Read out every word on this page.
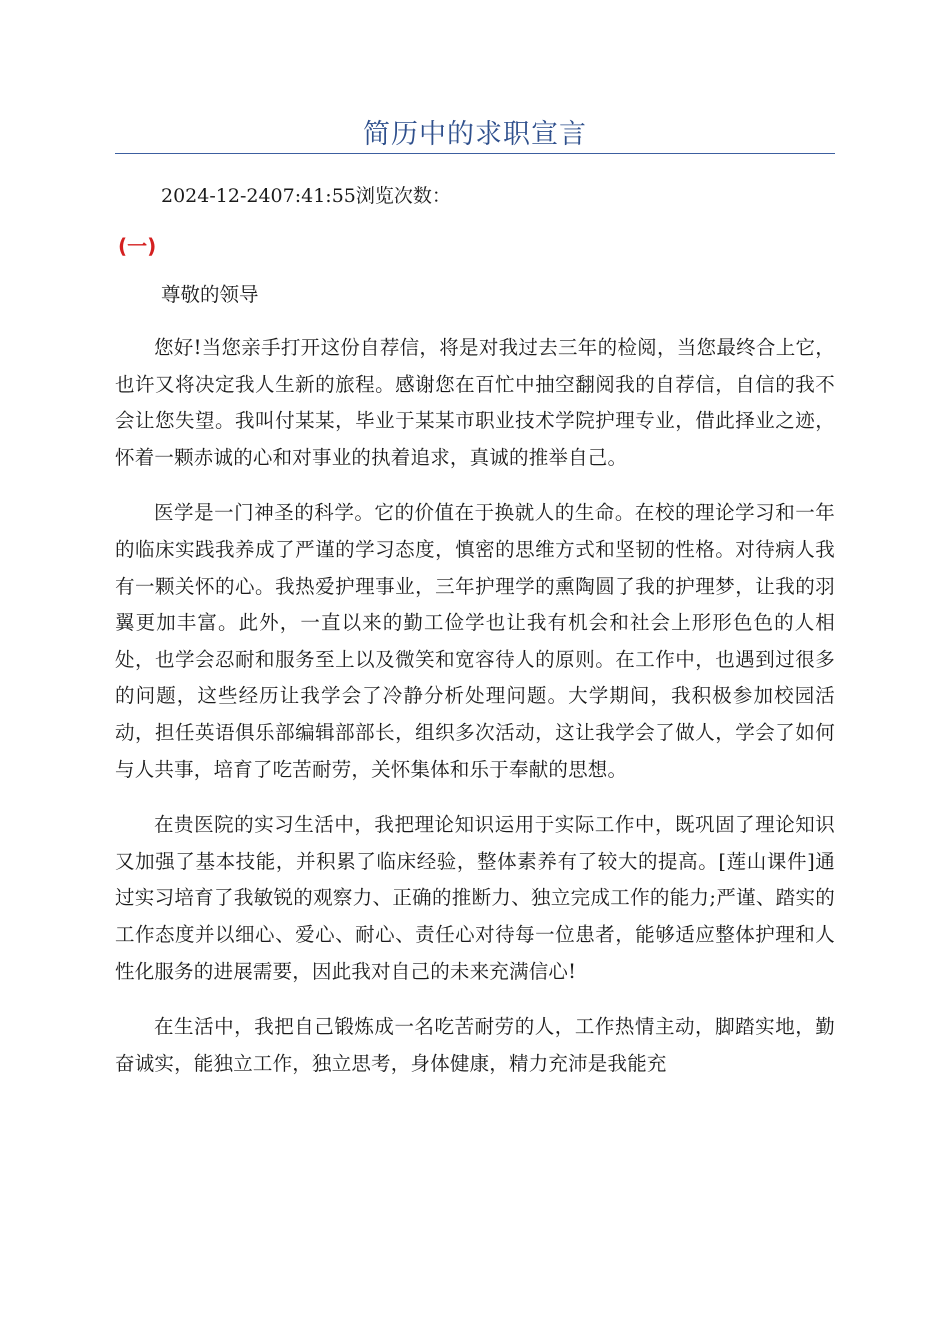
简历中的求职宣言

2024-12-2407:41:55浏览次数：

(一)

尊敬的领导

您好!当您亲手打开这份自荐信，将是对我过去三年的检阅，当您最终合上它，也许又将决定我人生新的旅程。感谢您在百忙中抽空翻阅我的自荐信，自信的我不会让您失望。我叫付某某，毕业于某某市职业技术学院护理专业，借此择业之迹，怀着一颗赤诚的心和对事业的执着追求，真诚的推举自己。

医学是一门神圣的科学。它的价值在于换就人的生命。在校的理论学习和一年的临床实践我养成了严谨的学习态度，慎密的思维方式和坚韧的性格。对待病人我有一颗关怀的心。我热爱护理事业，三年护理学的熏陶圆了我的护理梦，让我的羽翼更加丰富。此外，一直以来的勤工俭学也让我有机会和社会上形形色色的人相处，也学会忍耐和服务至上以及微笑和宽容待人的原则。在工作中，也遇到过很多的问题，这些经历让我学会了冷静分析处理问题。大学期间，我积极参加校园活动，担任英语俱乐部编辑部部长，组织多次活动，这让我学会了做人，学会了如何与人共事，培育了吃苦耐劳，关怀集体和乐于奉献的思想。

在贵医院的实习生活中，我把理论知识运用于实际工作中，既巩固了理论知识又加强了基本技能，并积累了临床经验，整体素养有了较大的提高。[莲山课件]通过实习培育了我敏锐的观察力、正确的推断力、独立完成工作的能力;严谨、踏实的工作态度并以细心、爱心、耐心、责任心对待每一位患者，能够适应整体护理和人性化服务的进展需要，因此我对自己的未来充满信心!

在生活中，我把自己锻炼成一名吃苦耐劳的人，工作热情主动，脚踏实地，勤奋诚实，能独立工作，独立思考，身体健康，精力充沛是我能充
